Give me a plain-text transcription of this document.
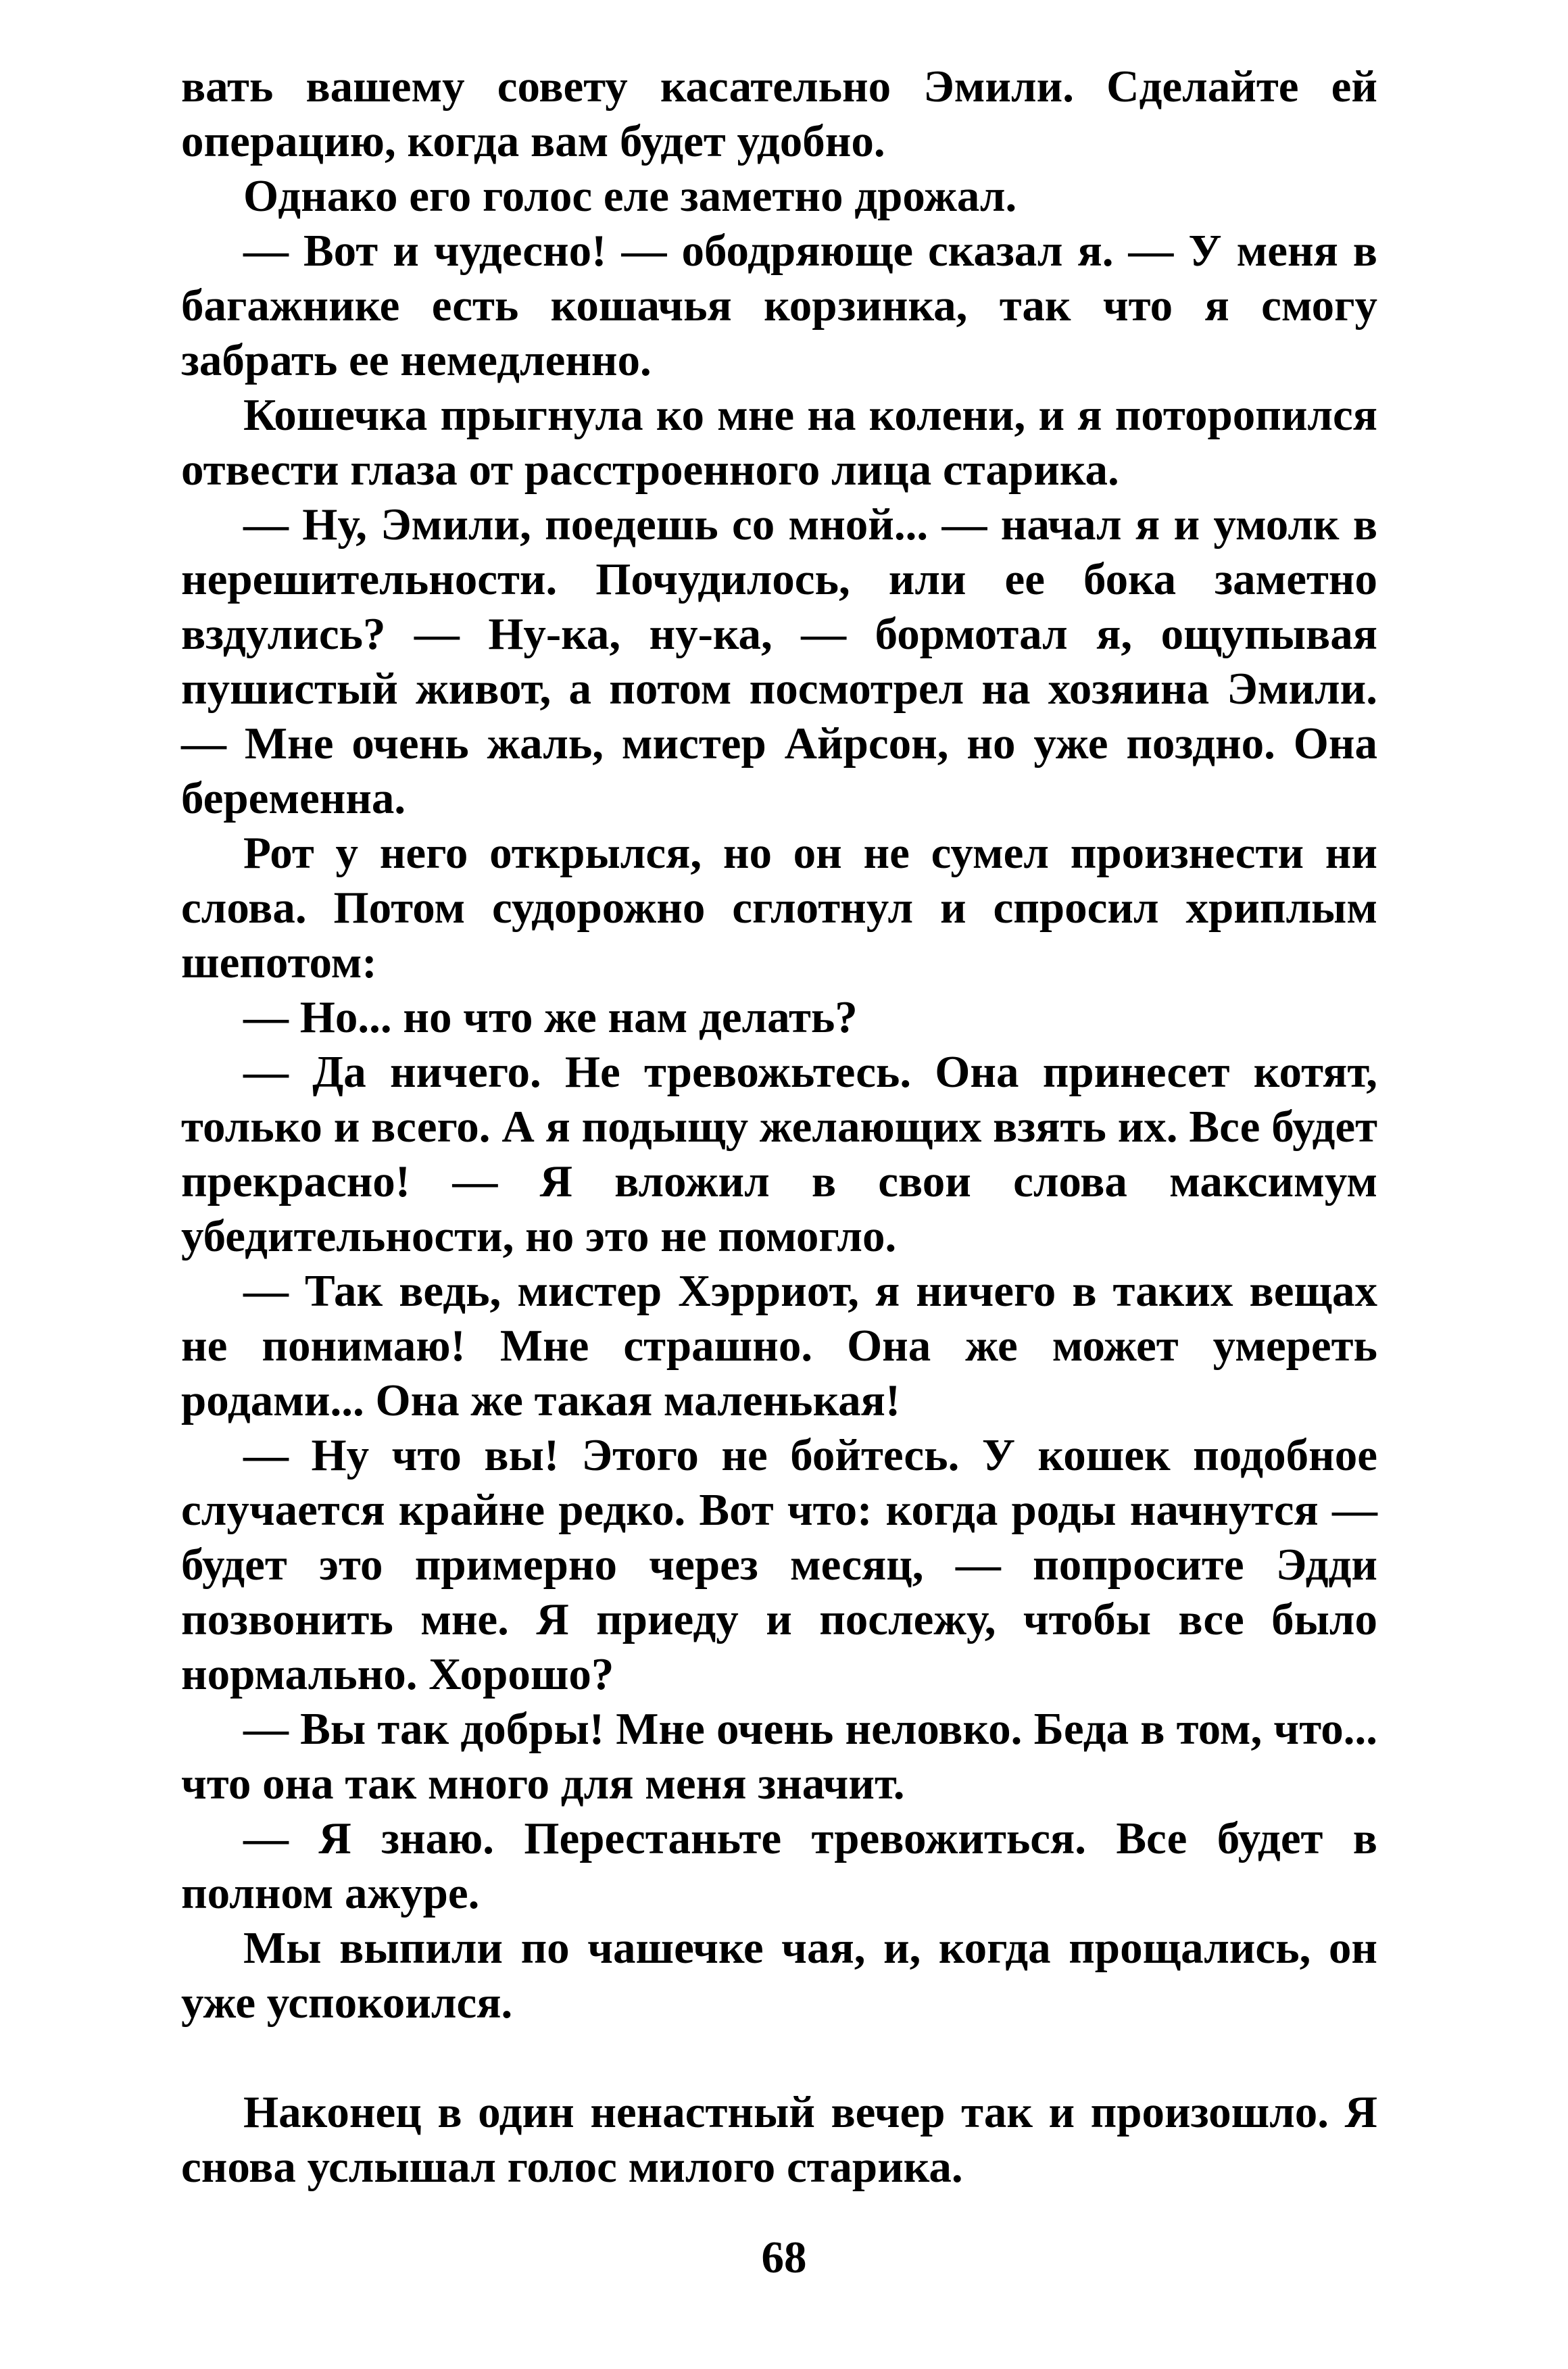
вать вашему совету касательно Эмили. Сделайте ей операцию, когда вам будет удобно.

Однако его голос еле заметно дрожал.

— Вот и чудесно! — ободряюще сказал я. — У меня в багажнике есть кошачья корзинка, так что я смогу забрать ее немедленно.

Кошечка прыгнула ко мне на колени, и я поторопился отвести глаза от расстроенного лица старика.

— Ну, Эмили, поедешь со мной... — начал я и умолк в нерешительности. Почудилось, или ее бока заметно вздулись? — Ну-ка, ну-ка, — бормотал я, ощупывая пушистый живот, а потом посмотрел на хозяина Эмили. — Мне очень жаль, мистер Айрсон, но уже поздно. Она беременна.

Рот у него открылся, но он не сумел произнести ни слова. Потом судорожно сглотнул и спросил хриплым шепотом:

— Но... но что же нам делать?

— Да ничего. Не тревожьтесь. Она принесет котят, только и всего. А я подыщу желающих взять их. Все будет прекрасно! — Я вложил в свои слова максимум убедительности, но это не помогло.

— Так ведь, мистер Хэрриот, я ничего в таких вещах не понимаю! Мне страшно. Она же может умереть родами... Она же такая маленькая!

— Ну что вы! Этого не бойтесь. У кошек подобное случается крайне редко. Вот что: когда роды начнутся — будет это примерно через месяц, — попросите Эдди позвонить мне. Я приеду и послежу, чтобы все было нормально. Хорошо?

— Вы так добры! Мне очень неловко. Беда в том, что... что она так много для меня значит.

— Я знаю. Перестаньте тревожиться. Все будет в полном ажуре.

Мы выпили по чашечке чая, и, когда прощались, он уже успокоился.

Наконец в один ненастный вечер так и произошло. Я снова услышал голос милого старика.

68
